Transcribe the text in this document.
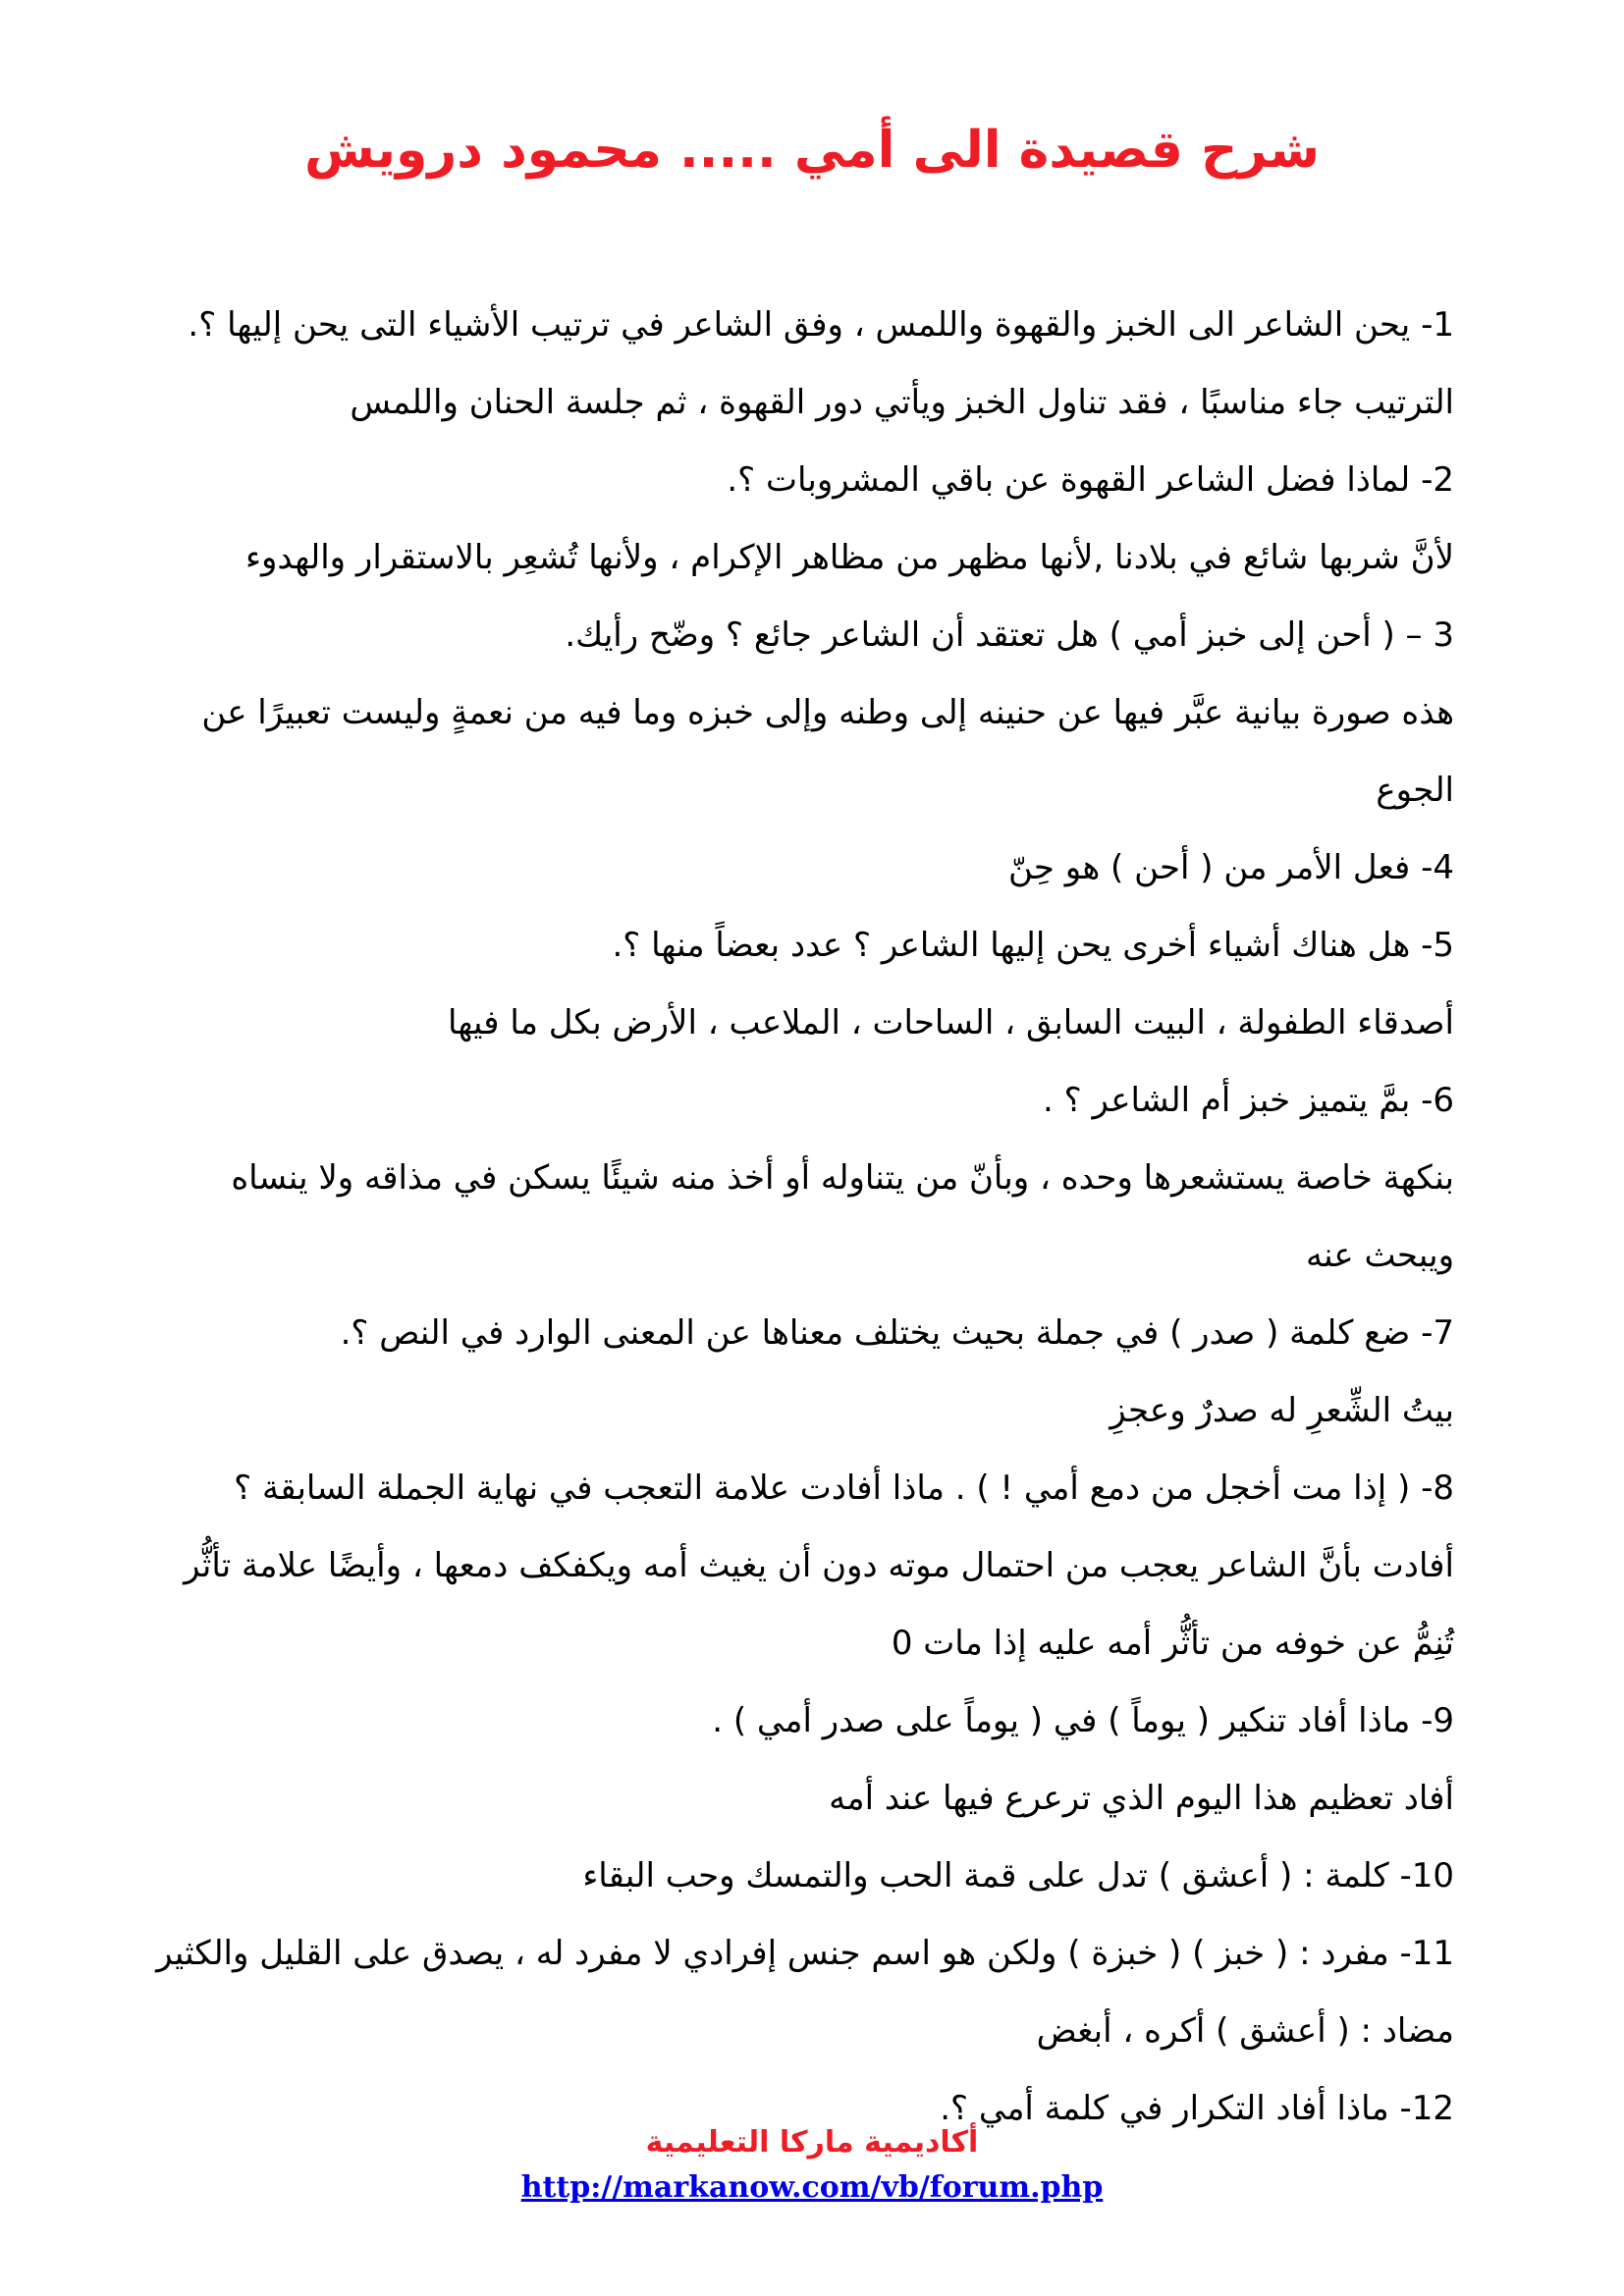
شرح قصيدة الى أمي ..... محمود درويش

1- يحن الشاعر الى الخبز والقهوة واللمس ، وفق الشاعر في ترتيب الأشياء التى يحن إليها ؟.

الترتيب جاء مناسبًا ، فقد تناول الخبز ويأتي دور القهوة ، ثم جلسة الحنان واللمس

2- لماذا فضل الشاعر القهوة عن باقي المشروبات ؟.

لأنَّ شربها شائع في بلادنا ,لأنها مظهر من مظاهر الإكرام ، ولأنها تُشعِر بالاستقرار والهدوء

3 – ( أحن إلى خبز أمي ) هل تعتقد أن الشاعر جائع ؟ وضّح رأيك.

هذه صورة بيانية عبَّر فيها عن حنينه إلى وطنه وإلى خبزه وما فيه من نعمةٍ وليست تعبيرًا عن الجوع

4- فعل الأمر من ( أحن ) هو حِنّ

5- هل هناك أشياء أخرى يحن إليها الشاعر ؟ عدد بعضاً منها ؟.

أصدقاء الطفولة ، البيت السابق ، الساحات ، الملاعب ، الأرض بكل ما فيها

6- بمَّ يتميز خبز أم الشاعر ؟ .

بنكهة خاصة يستشعرها وحده ، وبأنّ من يتناوله أو أخذ منه شيئًا يسكن في مذاقه ولا ينساه ويبحث عنه

7- ضع كلمة ( صدر ) في جملة بحيث يختلف معناها عن المعنى الوارد في النص ؟.

بيتُ الشِّعرِ له صدرٌ وعجزِ

8- ( إذا مت أخجل من دمع أمي ! ) . ماذا أفادت علامة التعجب في نهاية الجملة السابقة ؟

أفادت بأنَّ الشاعر يعجب من احتمال موته دون أن يغيث أمه ويكفكف دمعها ، وأيضًا علامة تأثُّر تُنِمُّ عن خوفه من تأثُّر أمه عليه إذا مات 0

9- ماذا أفاد تنكير ( يوماً ) في ( يوماً على صدر أمي ) .

أفاد تعظيم هذا اليوم الذي ترعرع فيها عند أمه

10- كلمة : ( أعشق ) تدل على قمة الحب والتمسك وحب البقاء

11- مفرد : ( خبز ) ( خبزة ) ولكن هو اسم جنس إفرادي لا مفرد له ، يصدق على القليل والكثير مضاد : ( أعشق ) أكره ، أبغض

12- ماذا أفاد التكرار في كلمة أمي ؟.

أكاديمية ماركا التعليمية
http://markanow.com/vb/forum.php
